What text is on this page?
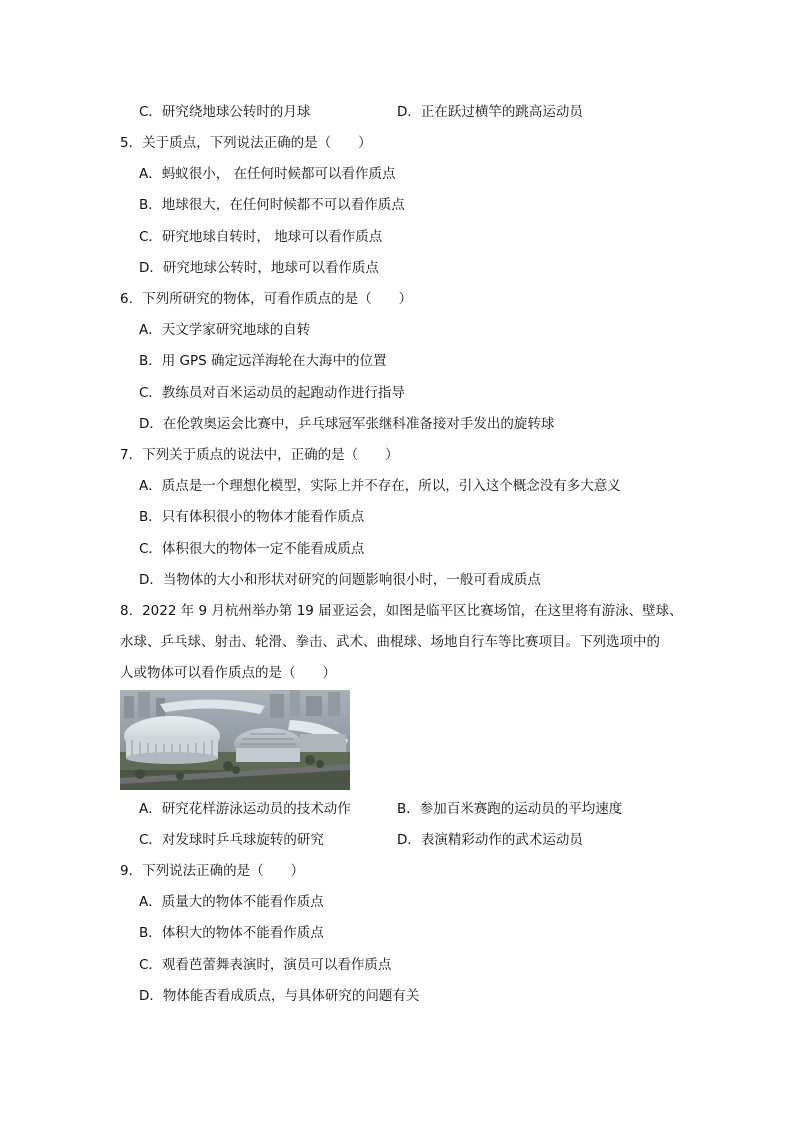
C．研究绕地球公转时的月球	D．正在跃过横竿的跳高运动员
5．关于质点，下列说法正确的是（　　）
A．蚂蚁很小， 在任何时候都可以看作质点
B．地球很大，在任何时候都不可以看作质点
C．研究地球自转时， 地球可以看作质点
D．研究地球公转时，地球可以看作质点
6．下列所研究的物体，可看作质点的是（　　）
A．天文学家研究地球的自转
B．用 GPS 确定远洋海轮在大海中的位置
C．教练员对百米运动员的起跑动作进行指导
D．在伦敦奥运会比赛中，乒乓球冠军张继科准备接对手发出的旋转球
7．下列关于质点的说法中，正确的是（　　）
A．质点是一个理想化模型，实际上并不存在，所以，引入这个概念没有多大意义
B．只有体积很小的物体才能看作质点
C．体积很大的物体一定不能看成质点
D．当物体的大小和形状对研究的问题影响很小时，一般可看成质点
8．2022 年 9 月杭州举办第 19 届亚运会，如图是临平区比赛场馆，在这里将有游泳、壁球、
水球、乒乓球、射击、轮滑、拳击、武术、曲棍球、场地自行车等比赛项目。下列选项中的
人或物体可以看作质点的是（　　）
A．研究花样游泳运动员的技术动作	B．参加百米赛跑的运动员的平均速度
C．对发球时乒乓球旋转的研究	D．表演精彩动作的武术运动员
9．下列说法正确的是（　　）
A．质量大的物体不能看作质点
B．体积大的物体不能看作质点
C．观看芭蕾舞表演时，演员可以看作质点
D．物体能否看成质点，与具体研究的问题有关
